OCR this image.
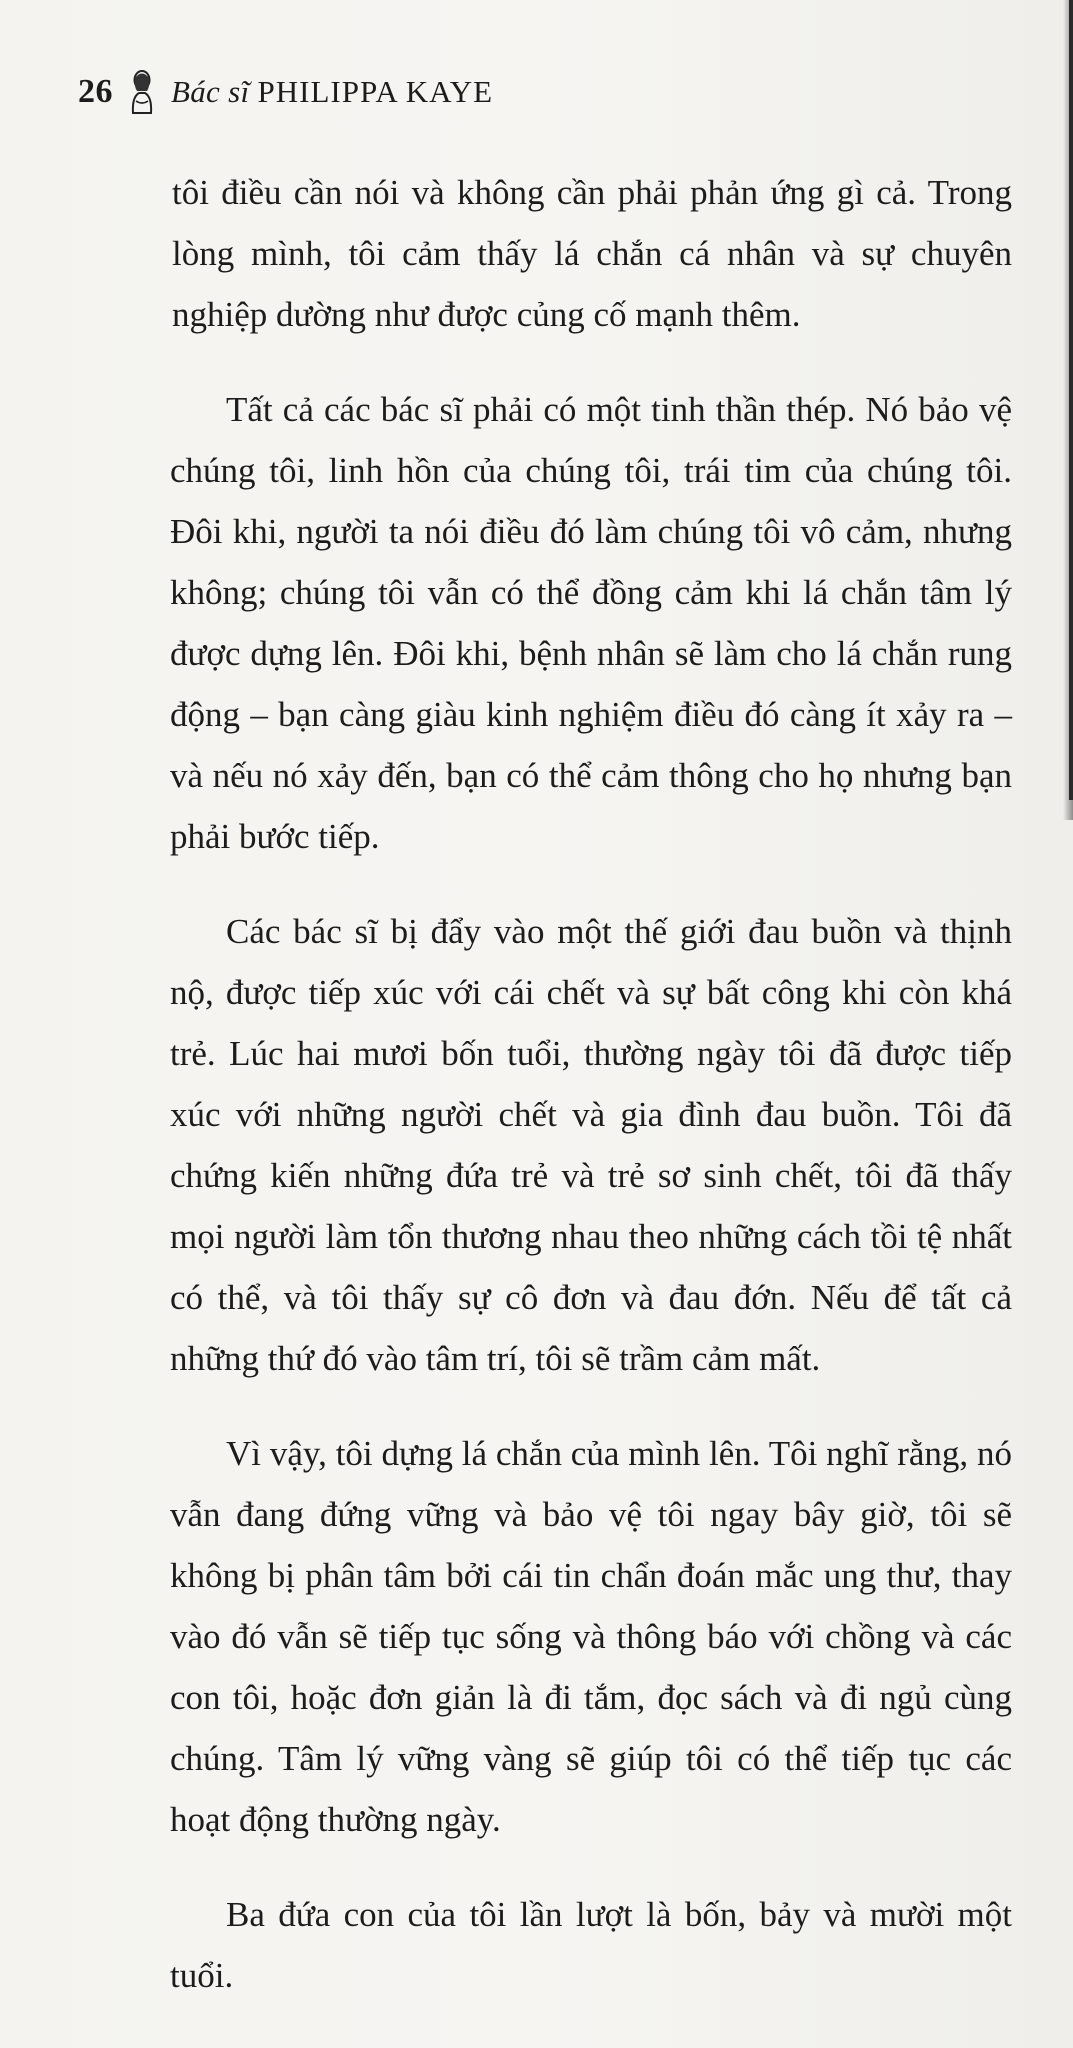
26 Bác sĩ PHILIPPA KAYE

tôi điều cần nói và không cần phải phản ứng gì cả. Trong lòng mình, tôi cảm thấy lá chắn cá nhân và sự chuyên nghiệp dường như được củng cố mạnh thêm.

Tất cả các bác sĩ phải có một tinh thần thép. Nó bảo vệ chúng tôi, linh hồn của chúng tôi, trái tim của chúng tôi. Đôi khi, người ta nói điều đó làm chúng tôi vô cảm, nhưng không; chúng tôi vẫn có thể đồng cảm khi lá chắn tâm lý được dựng lên. Đôi khi, bệnh nhân sẽ làm cho lá chắn rung động – bạn càng giàu kinh nghiệm điều đó càng ít xảy ra – và nếu nó xảy đến, bạn có thể cảm thông cho họ nhưng bạn phải bước tiếp.

Các bác sĩ bị đẩy vào một thế giới đau buồn và thịnh nộ, được tiếp xúc với cái chết và sự bất công khi còn khá trẻ. Lúc hai mươi bốn tuổi, thường ngày tôi đã được tiếp xúc với những người chết và gia đình đau buồn. Tôi đã chứng kiến những đứa trẻ và trẻ sơ sinh chết, tôi đã thấy mọi người làm tổn thương nhau theo những cách tồi tệ nhất có thể, và tôi thấy sự cô đơn và đau đớn. Nếu để tất cả những thứ đó vào tâm trí, tôi sẽ trầm cảm mất.

Vì vậy, tôi dựng lá chắn của mình lên. Tôi nghĩ rằng, nó vẫn đang đứng vững và bảo vệ tôi ngay bây giờ, tôi sẽ không bị phân tâm bởi cái tin chẩn đoán mắc ung thư, thay vào đó vẫn sẽ tiếp tục sống và thông báo với chồng và các con tôi, hoặc đơn giản là đi tắm, đọc sách và đi ngủ cùng chúng. Tâm lý vững vàng sẽ giúp tôi có thể tiếp tục các hoạt động thường ngày.

Ba đứa con của tôi lần lượt là bốn, bảy và mười một tuổi.
